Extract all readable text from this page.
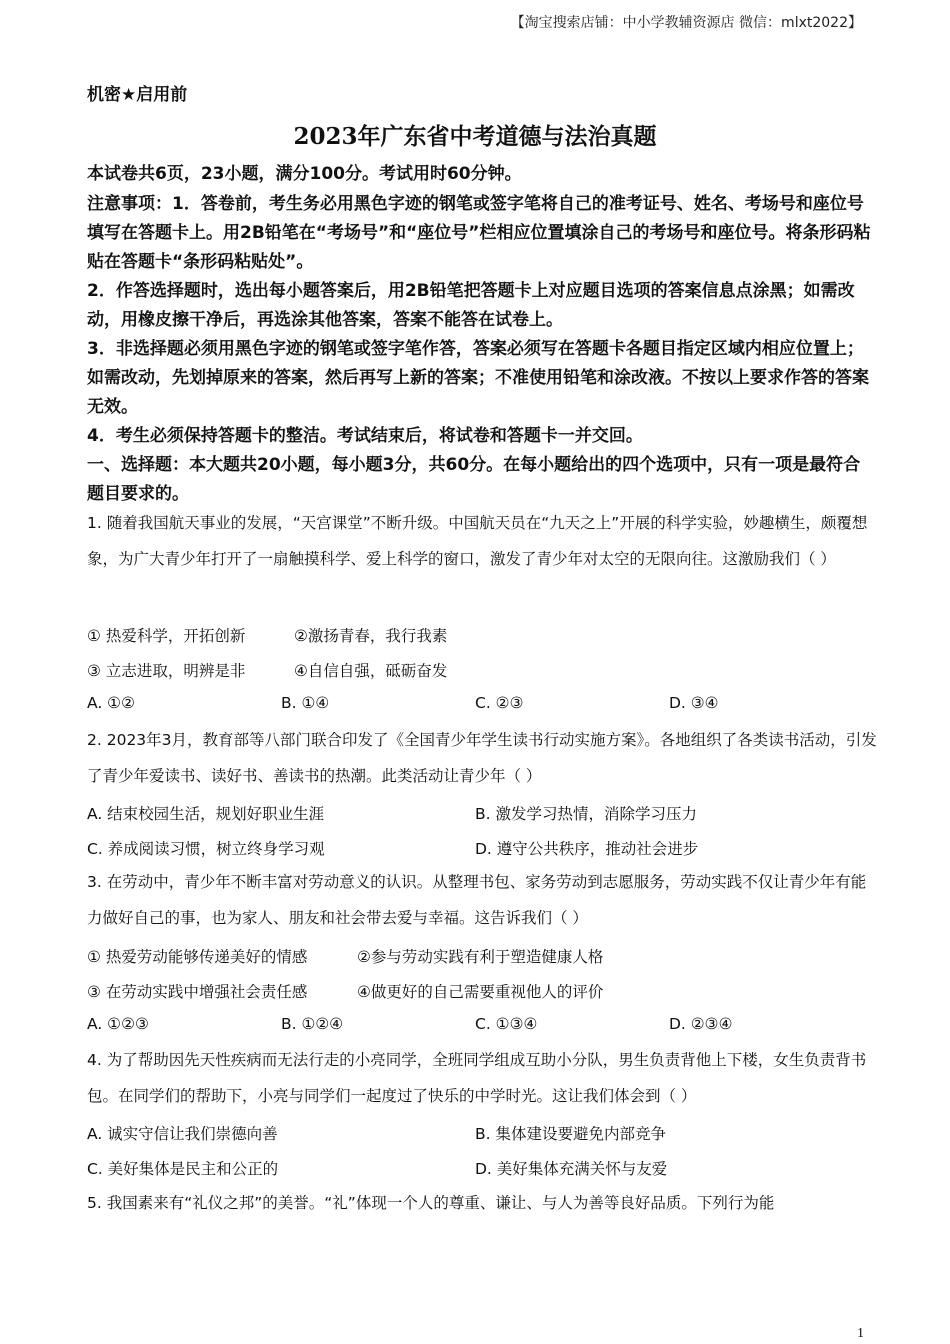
【淘宝搜索店铺：中小学教辅资源店 微信：mlxt2022】
机密★启用前
2023年广东省中考道德与法治真题
本试卷共6页，23小题，满分100分。考试用时60分钟。
注意事项：1．答卷前，考生务必用黑色字迹的钢笔或签字笔将自己的准考证号、姓名、考场号和座位号填写在答题卡上。用2B铅笔在“考场号”和“座位号”栏相应位置填涂自己的考场号和座位号。将条形码粘贴在答题卡“条形码粘贴处”。
2．作答选择题时，选出每小题答案后，用2B铅笔把答题卡上对应题目选项的答案信息点涂黑；如需改动，用橡皮擦干净后，再选涂其他答案，答案不能答在试卷上。
3．非选择题必须用黑色字迹的钢笔或签字笔作答，答案必须写在答题卡各题目指定区域内相应位置上；如需改动，先划掉原来的答案，然后再写上新的答案；不准使用铅笔和涂改液。不按以上要求作答的答案无效。
4．考生必须保持答题卡的整洁。考试结束后，将试卷和答题卡一并交回。
一、选择题：本大题共20小题，每小题3分，共60分。在每小题给出的四个选项中，只有一项是最符合题目要求的。
1. 随着我国航天事业的发展，“天宫课堂”不断升级。中国航天员在“九天之上”开展的科学实验，妙趣横生，颇覆想象，为广大青少年打开了一扇触摸科学、爱上科学的窗口，激发了青少年对太空的无限向往。这激励我们（ ）
① 热爱科学，开拓创新	②激扬青春，我行我素
③ 立志进取，明辨是非	④自信自强，砥砺奋发
A. ①②	B. ①④	C. ②③	D. ③④
2. 2023年3月，教育部等八部门联合印发了《全国青少年学生读书行动实施方案》。各地组织了各类读书活动，引发了青少年爱读书、读好书、善读书的热潮。此类活动让青少年（ ）
A. 结束校园生活，规划好职业生涯	B. 激发学习热情，消除学习压力
C. 养成阅读习惯，树立终身学习观	D. 遵守公共秩序，推动社会进步
3. 在劳动中，青少年不断丰富对劳动意义的认识。从整理书包、家务劳动到志愿服务，劳动实践不仅让青少年有能力做好自己的事，也为家人、朋友和社会带去爱与幸福。这告诉我们（ ）
① 热爱劳动能够传递美好的情感	②参与劳动实践有利于塑造健康人格
③ 在劳动实践中增强社会责任感	④做更好的自己需要重视他人的评价
A. ①②③	B. ①②④	C. ①③④	D. ②③④
4. 为了帮助因先天性疾病而无法行走的小亮同学，全班同学组成互助小分队，男生负责背他上下楼，女生负责背书包。在同学们的帮助下，小亮与同学们一起度过了快乐的中学时光。这让我们体会到（ ）
A. 诚实守信让我们崇德向善	B. 集体建设要避免内部竞争
C. 美好集体是民主和公正的	D. 美好集体充满关怀与友爱
5. 我国素来有“礼仪之邦”的美誉。“礼”体现一个人的尊重、谦让、与人为善等良好品质。下列行为能
1
